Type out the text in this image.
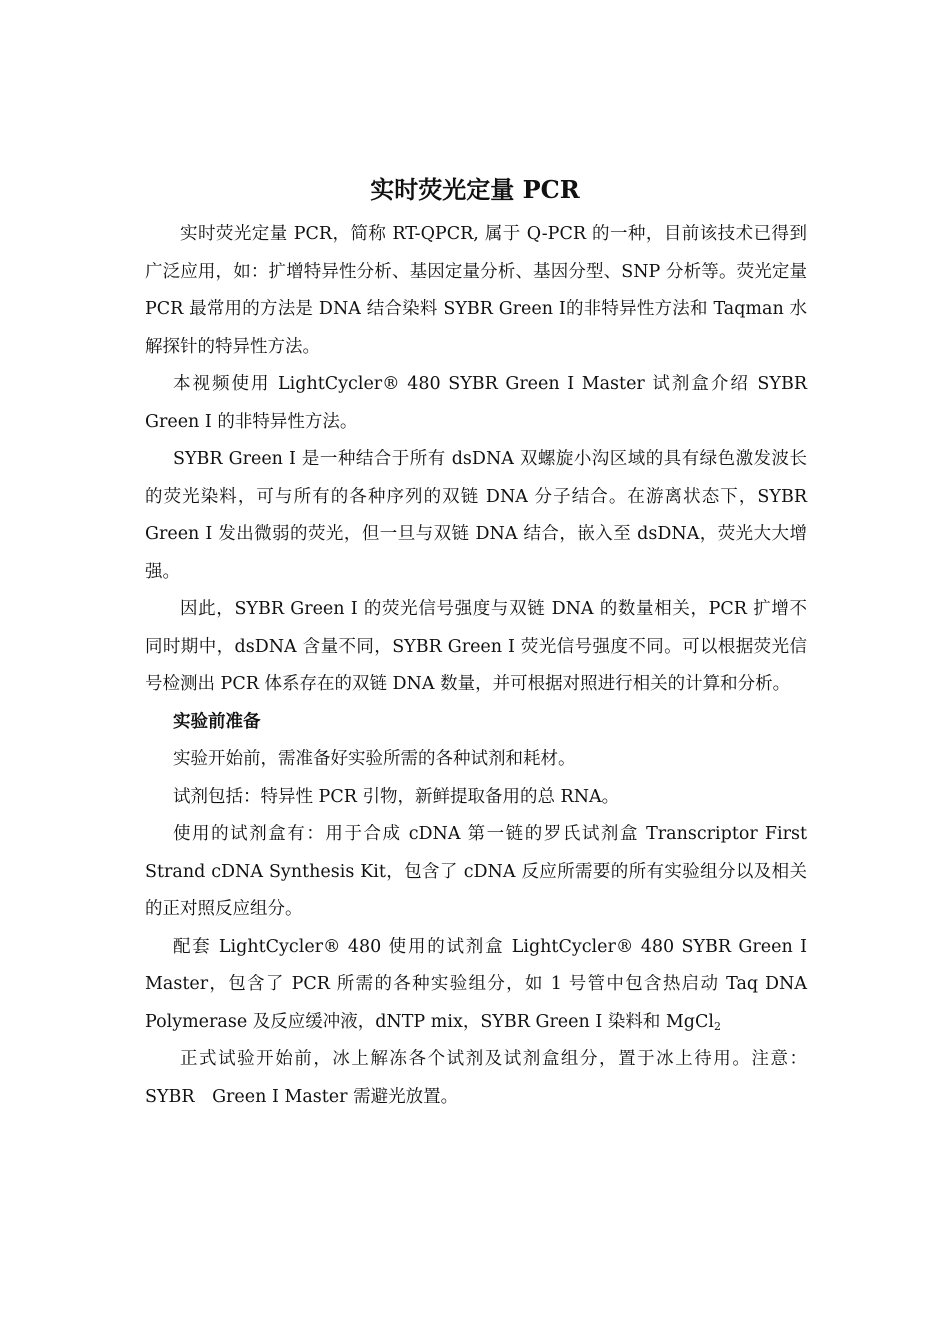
实时荧光定量 PCR

实时荧光定量 PCR，简称 RT-QPCR, 属于 Q-PCR 的一种，目前该技术已得到广泛应用，如：扩增特异性分析、基因定量分析、基因分型、SNP 分析等。荧光定量 PCR 最常用的方法是 DNA 结合染料 SYBR Green Ⅰ的非特异性方法和 Taqman 水解探针的特异性方法。

本视频使用 LightCycler® 480 SYBR Green I Master 试剂盒介绍 SYBR Green I 的非特异性方法。

SYBR Green I 是一种结合于所有 dsDNA 双螺旋小沟区域的具有绿色激发波长的荧光染料，可与所有的各种序列的双链 DNA 分子结合。在游离状态下，SYBR Green I 发出微弱的荧光，但一旦与双链 DNA 结合，嵌入至 dsDNA，荧光大大增强。

因此，SYBR Green I 的荧光信号强度与双链 DNA 的数量相关，PCR 扩增不同时期中，dsDNA 含量不同，SYBR Green I 荧光信号强度不同。可以根据荧光信号检测出 PCR 体系存在的双链 DNA 数量，并可根据对照进行相关的计算和分析。

实验前准备

实验开始前，需准备好实验所需的各种试剂和耗材。

试剂包括：特异性 PCR 引物，新鲜提取备用的总 RNA。

使用的试剂盒有：用于合成 cDNA 第一链的罗氏试剂盒 Transcriptor First Strand cDNA Synthesis Kit，包含了 cDNA 反应所需要的所有实验组分以及相关的正对照反应组分。

配套 LightCycler® 480 使用的试剂盒 LightCycler® 480 SYBR Green I Master，包含了 PCR 所需的各种实验组分，如 1 号管中包含热启动 Taq DNA Polymerase 及反应缓冲液，dNTP mix，SYBR Green I 染料和 MgCl$_2$

正式试验开始前，冰上解冻各个试剂及试剂盒组分，置于冰上待用。注意：SYBR　Green I Master 需避光放置。
